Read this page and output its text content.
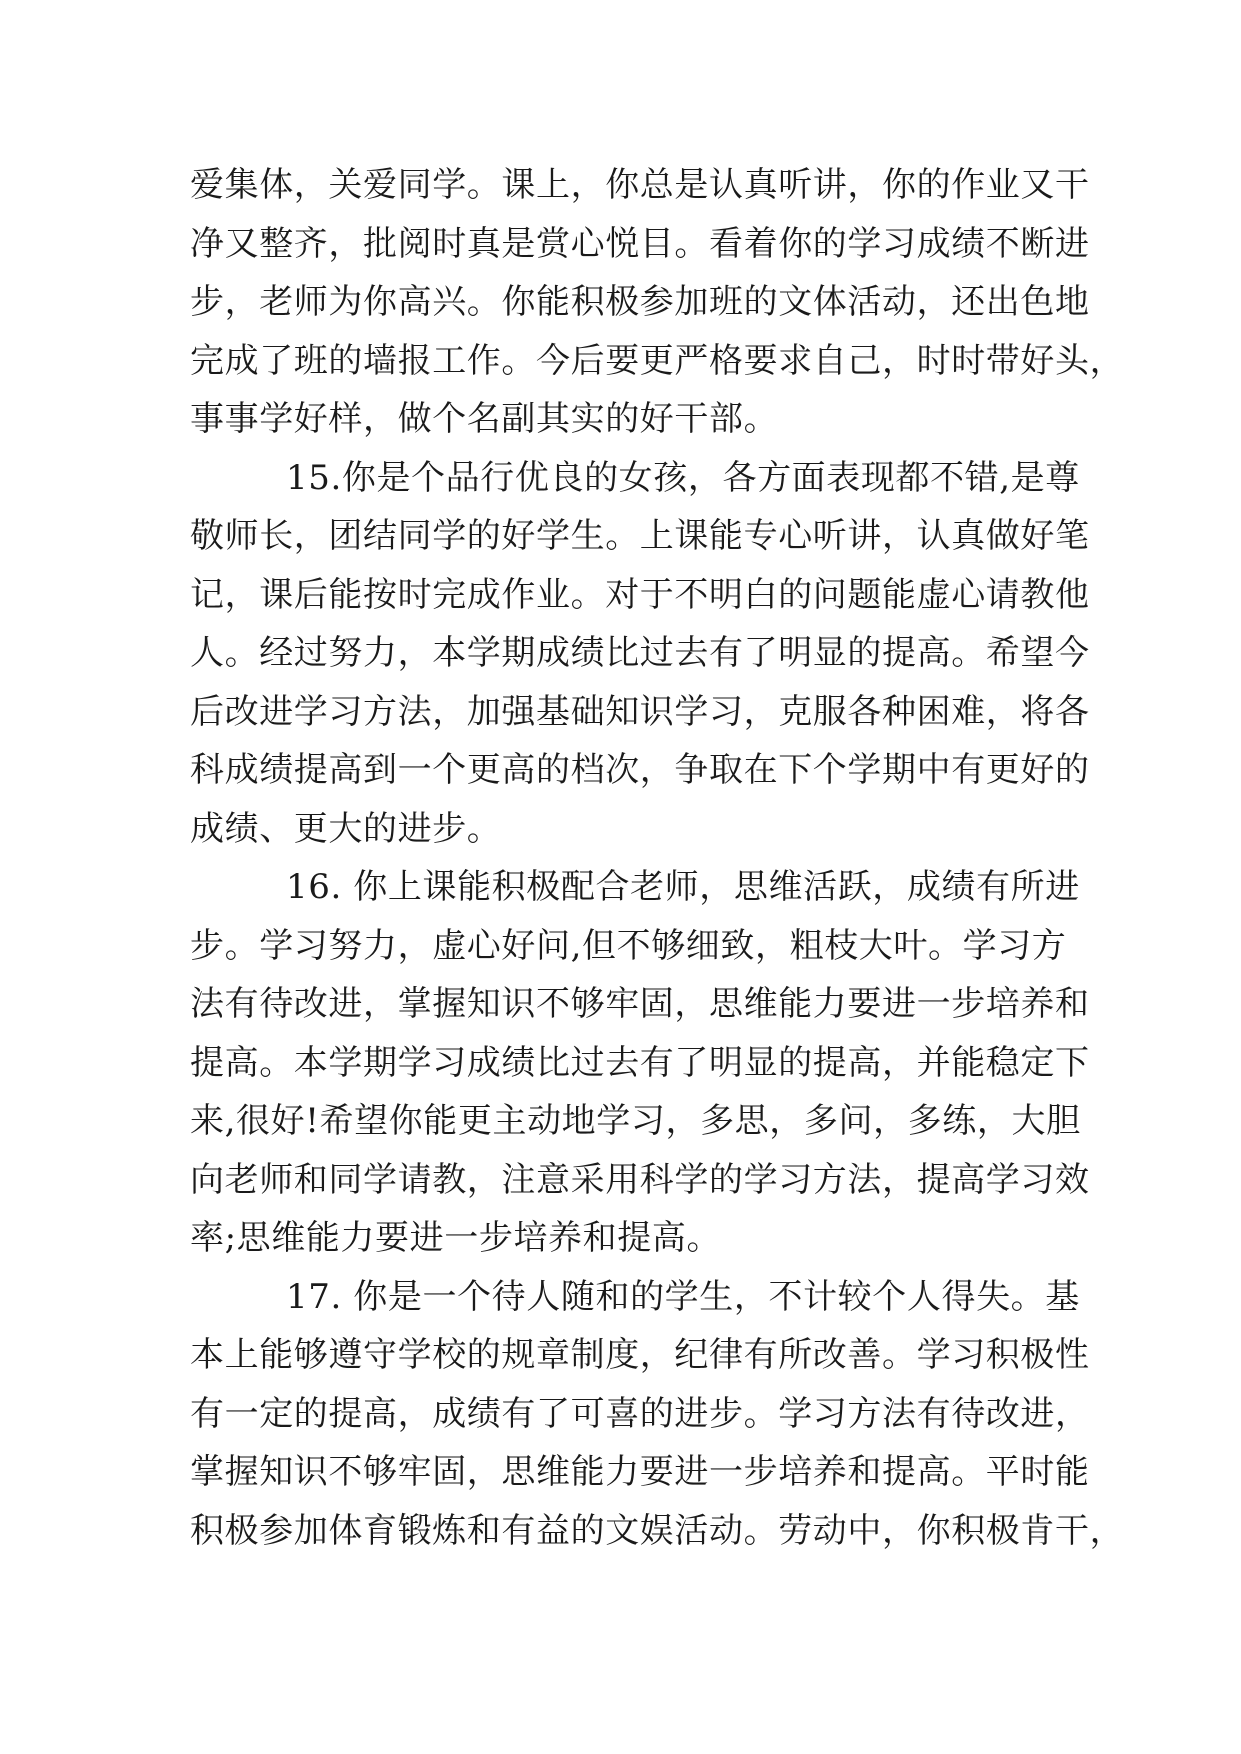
爱集体，关爱同学。课上，你总是认真听讲，你的作业又干
净又整齐，批阅时真是赏心悦目。看着你的学习成绩不断进
步，老师为你高兴。你能积极参加班的文体活动，还出色地
完成了班的墙报工作。今后要更严格要求自己，时时带好头，
事事学好样，做个名副其实的好干部。
15.你是个品行优良的女孩，各方面表现都不错,是尊
敬师长，团结同学的好学生。上课能专心听讲，认真做好笔
记，课后能按时完成作业。对于不明白的问题能虚心请教他
人。经过努力，本学期成绩比过去有了明显的提高。希望今
后改进学习方法，加强基础知识学习，克服各种困难，将各
科成绩提高到一个更高的档次，争取在下个学期中有更好的
成绩、更大的进步。
16. 你上课能积极配合老师，思维活跃，成绩有所进
步。学习努力，虚心好问,但不够细致，粗枝大叶。学习方
法有待改进，掌握知识不够牢固，思维能力要进一步培养和
提高。本学期学习成绩比过去有了明显的提高，并能稳定下
来,很好!希望你能更主动地学习，多思，多问，多练，大胆
向老师和同学请教，注意采用科学的学习方法，提高学习效
率;思维能力要进一步培养和提高。
17. 你是一个待人随和的学生，不计较个人得失。基
本上能够遵守学校的规章制度，纪律有所改善。学习积极性
有一定的提高，成绩有了可喜的进步。学习方法有待改进，
掌握知识不够牢固，思维能力要进一步培养和提高。平时能
积极参加体育锻炼和有益的文娱活动。劳动中，你积极肯干，
